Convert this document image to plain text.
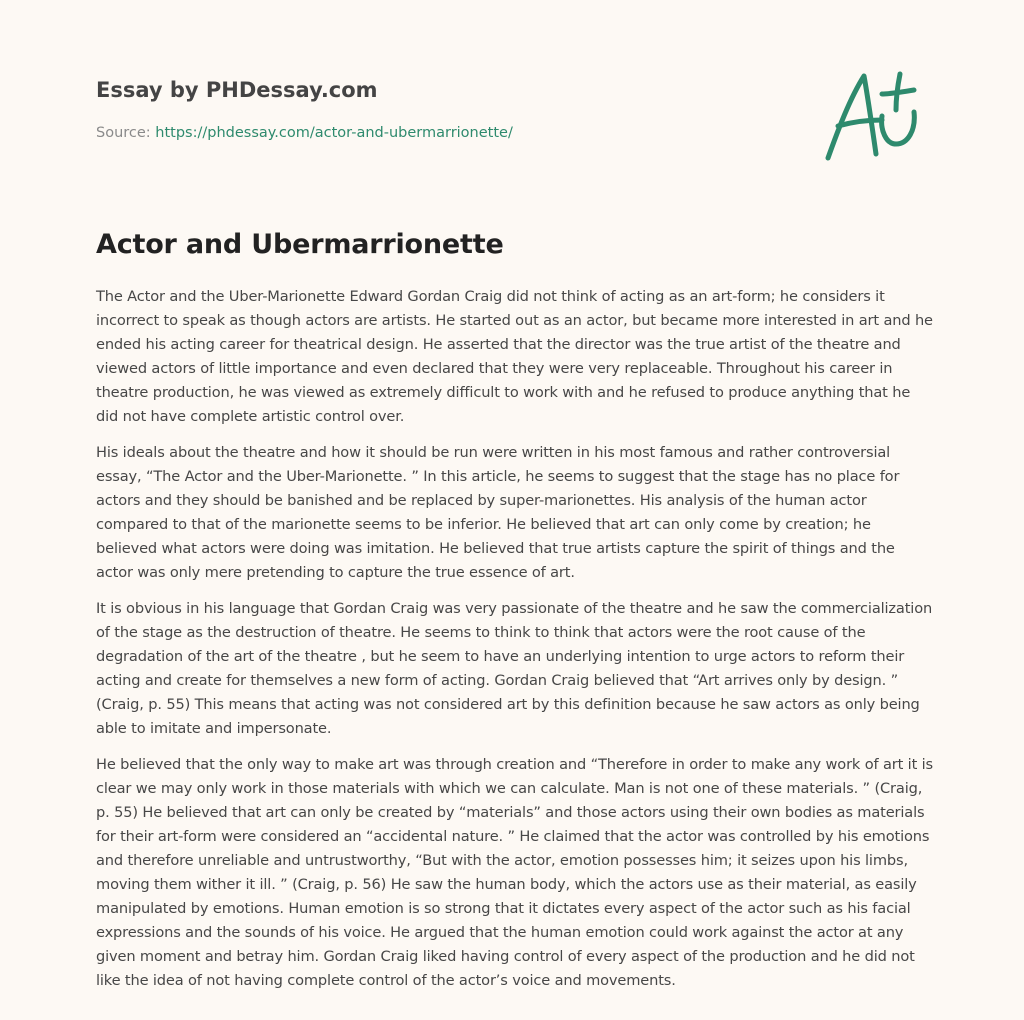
Essay by PHDessay.com
Source: https://phdessay.com/actor-and-ubermarrionette/
Actor and Ubermarrionette

The Actor and the Uber-Marionette Edward Gordan Craig did not think of acting as an art-form; he considers it incorrect to speak as though actors are artists. He started out as an actor, but became more interested in art and he ended his acting career for theatrical design. He asserted that the director was the true artist of the theatre and viewed actors of little importance and even declared that they were very replaceable. Throughout his career in theatre production, he was viewed as extremely difficult to work with and he refused to produce anything that he did not have complete artistic control over.

His ideals about the theatre and how it should be run were written in his most famous and rather controversial essay, “The Actor and the Uber-Marionette. ” In this article, he seems to suggest that the stage has no place for actors and they should be banished and be replaced by super-marionettes. His analysis of the human actor compared to that of the marionette seems to be inferior. He believed that art can only come by creation; he believed what actors were doing was imitation. He believed that true artists capture the spirit of things and the actor was only mere pretending to capture the true essence of art.

It is obvious in his language that Gordan Craig was very passionate of the theatre and he saw the commercialization of the stage as the destruction of theatre. He seems to think to think that actors were the root cause of the degradation of the art of the theatre , but he seem to have an underlying intention to urge actors to reform their acting and create for themselves a new form of acting. Gordan Craig believed that “Art arrives only by design. ” (Craig, p. 55) This means that acting was not considered art by this definition because he saw actors as only being able to imitate and impersonate.

He believed that the only way to make art was through creation and “Therefore in order to make any work of art it is clear we may only work in those materials with which we can calculate. Man is not one of these materials. ” (Craig, p. 55) He believed that art can only be created by “materials” and those actors using their own bodies as materials for their art-form were considered an “accidental nature. ” He claimed that the actor was controlled by his emotions and therefore unreliable and untrustworthy, “But with the actor, emotion possesses him; it seizes upon his limbs, moving them wither it ill. ” (Craig, p. 56) He saw the human body, which the actors use as their material, as easily manipulated by emotions. Human emotion is so strong that it dictates every aspect of the actor such as his facial expressions and the sounds of his voice. He argued that the human emotion could work against the actor at any given moment and betray him. Gordan Craig liked having control of every aspect of the production and he did not like the idea of not having complete control of the actor’s voice and movements.
